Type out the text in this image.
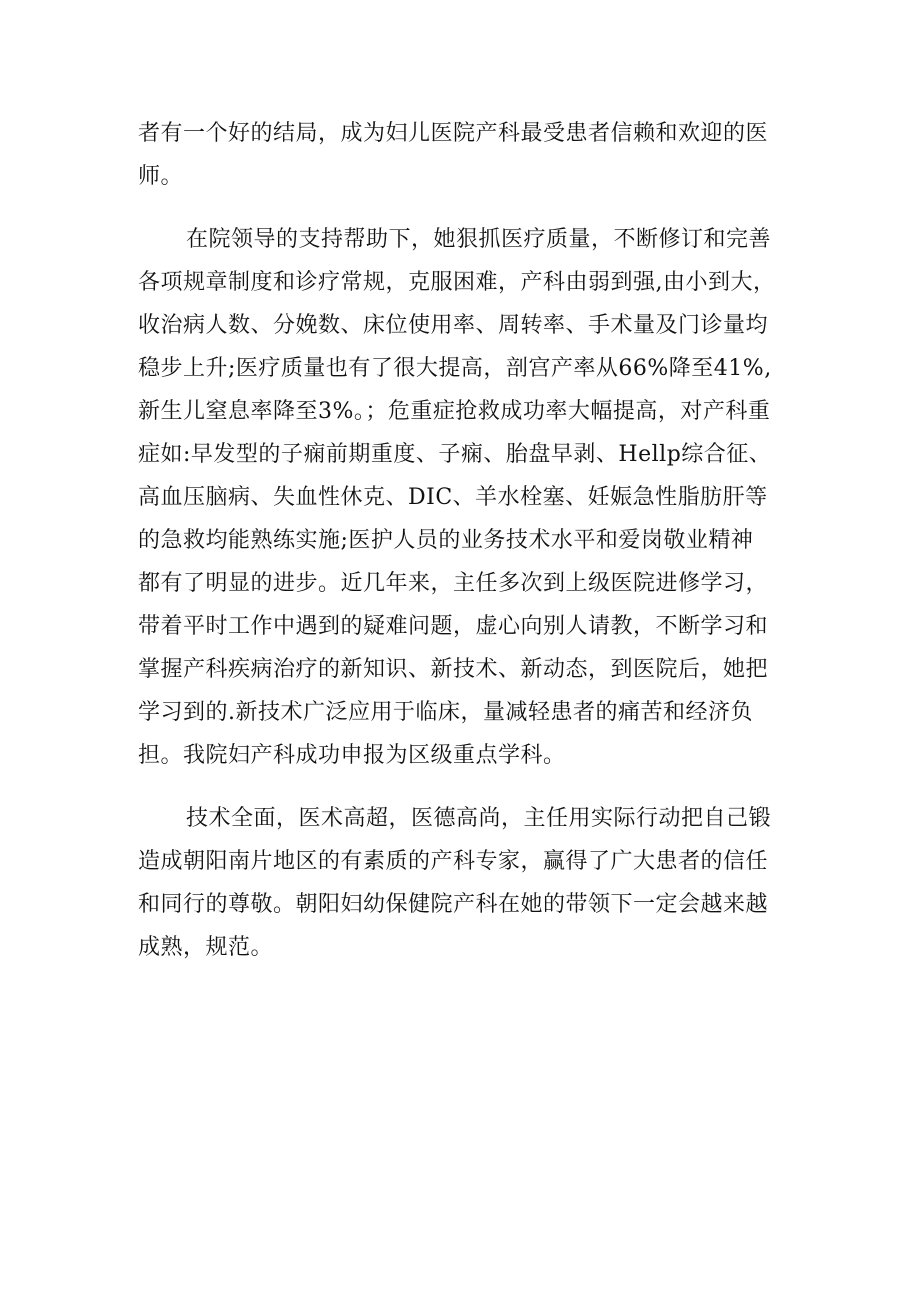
者有一个好的结局，成为妇儿医院产科最受患者信赖和欢迎的医

师。

在院领导的支持帮助下，她狠抓医疗质量，不断修订和完善

各项规章制度和诊疗常规，克服困难，产科由弱到强,由小到大，

收治病人数、分娩数、床位使用率、周转率、手术量及门诊量均

稳步上升;医疗质量也有了很大提高，剖宫产率从66%降至41%,

新生儿窒息率降至3%。；危重症抢救成功率大幅提高，对产科重

症如:早发型的子痫前期重度、子痫、胎盘早剥、Hellp综合征、

高血压脑病、失血性休克、DIC、羊水栓塞、妊娠急性脂肪肝等

的急救均能熟练实施;医护人员的业务技术水平和爱岗敬业精神

都有了明显的进步。近几年来，主任多次到上级医院进修学习，

带着平时工作中遇到的疑难问题，虚心向别人请教，不断学习和

掌握产科疾病治疗的新知识、新技术、新动态，到医院后，她把

学习到的.新技术广泛应用于临床，量减轻患者的痛苦和经济负

担。我院妇产科成功申报为区级重点学科。

技术全面，医术高超，医德高尚，主任用实际行动把自己锻

造成朝阳南片地区的有素质的产科专家，赢得了广大患者的信任

和同行的尊敬。朝阳妇幼保健院产科在她的带领下一定会越来越

成熟，规范。
